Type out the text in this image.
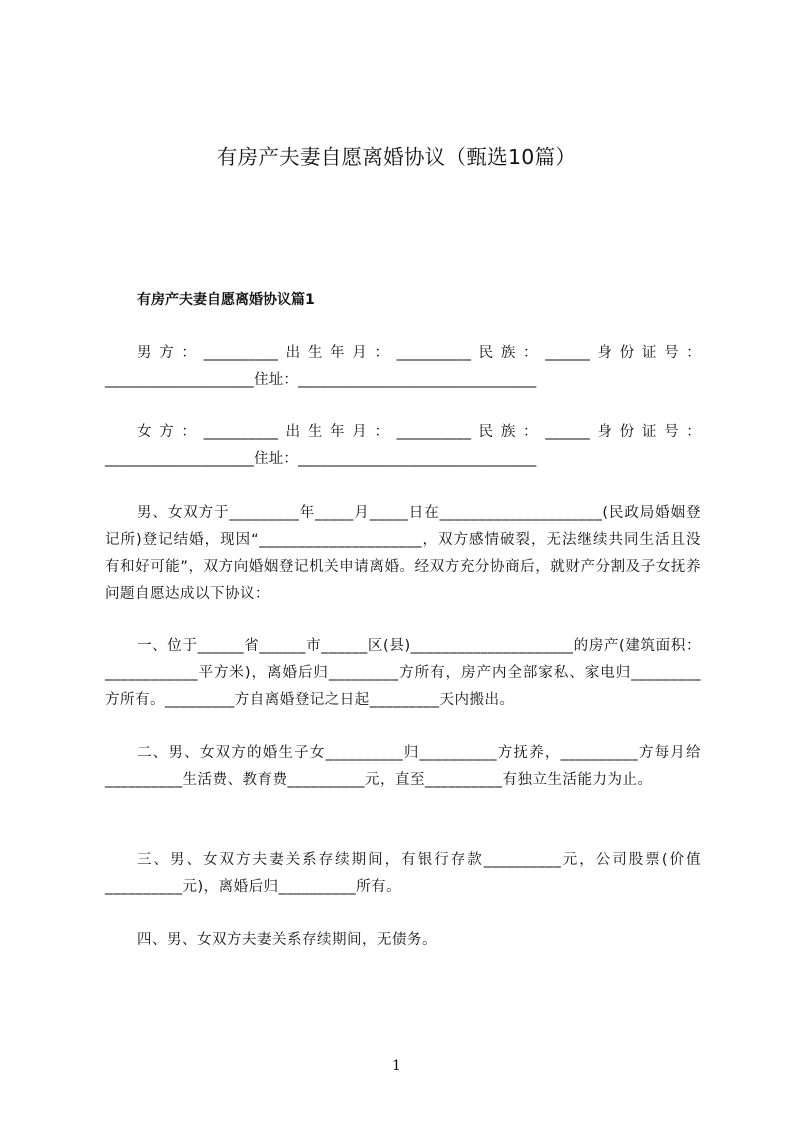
有房产夫妻自愿离婚协议（甄选10篇）
有房产夫妻自愿离婚协议篇1

男方：__________出生年月：__________民族：______身份证号：____________________住址：________________________________

女方：__________出生年月：__________民族：______身份证号：____________________住址：________________________________

男、女双方于_________年_____月_____日在_____________________(民政局婚姻登记所)登记结婚，现因“_____________________，双方感情破裂，无法继续共同生活且没有和好可能”，双方向婚姻登记机关申请离婚。经双方充分协商后，就财产分割及子女抚养问题自愿达成以下协议：

一、位于______省______市______区(县)_____________________的房产(建筑面积：____________平方米)，离婚后归_________方所有，房产内全部家私、家电归_________方所有。_________方自离婚登记之日起_________天内搬出。

二、男、女双方的婚生子女__________归__________方抚养，__________方每月给__________生活费、教育费__________元，直至__________有独立生活能力为止。

三、男、女双方夫妻关系存续期间，有银行存款__________元，公司股票(价值__________元)，离婚后归__________所有。

四、男、女双方夫妻关系存续期间，无债务。

1
